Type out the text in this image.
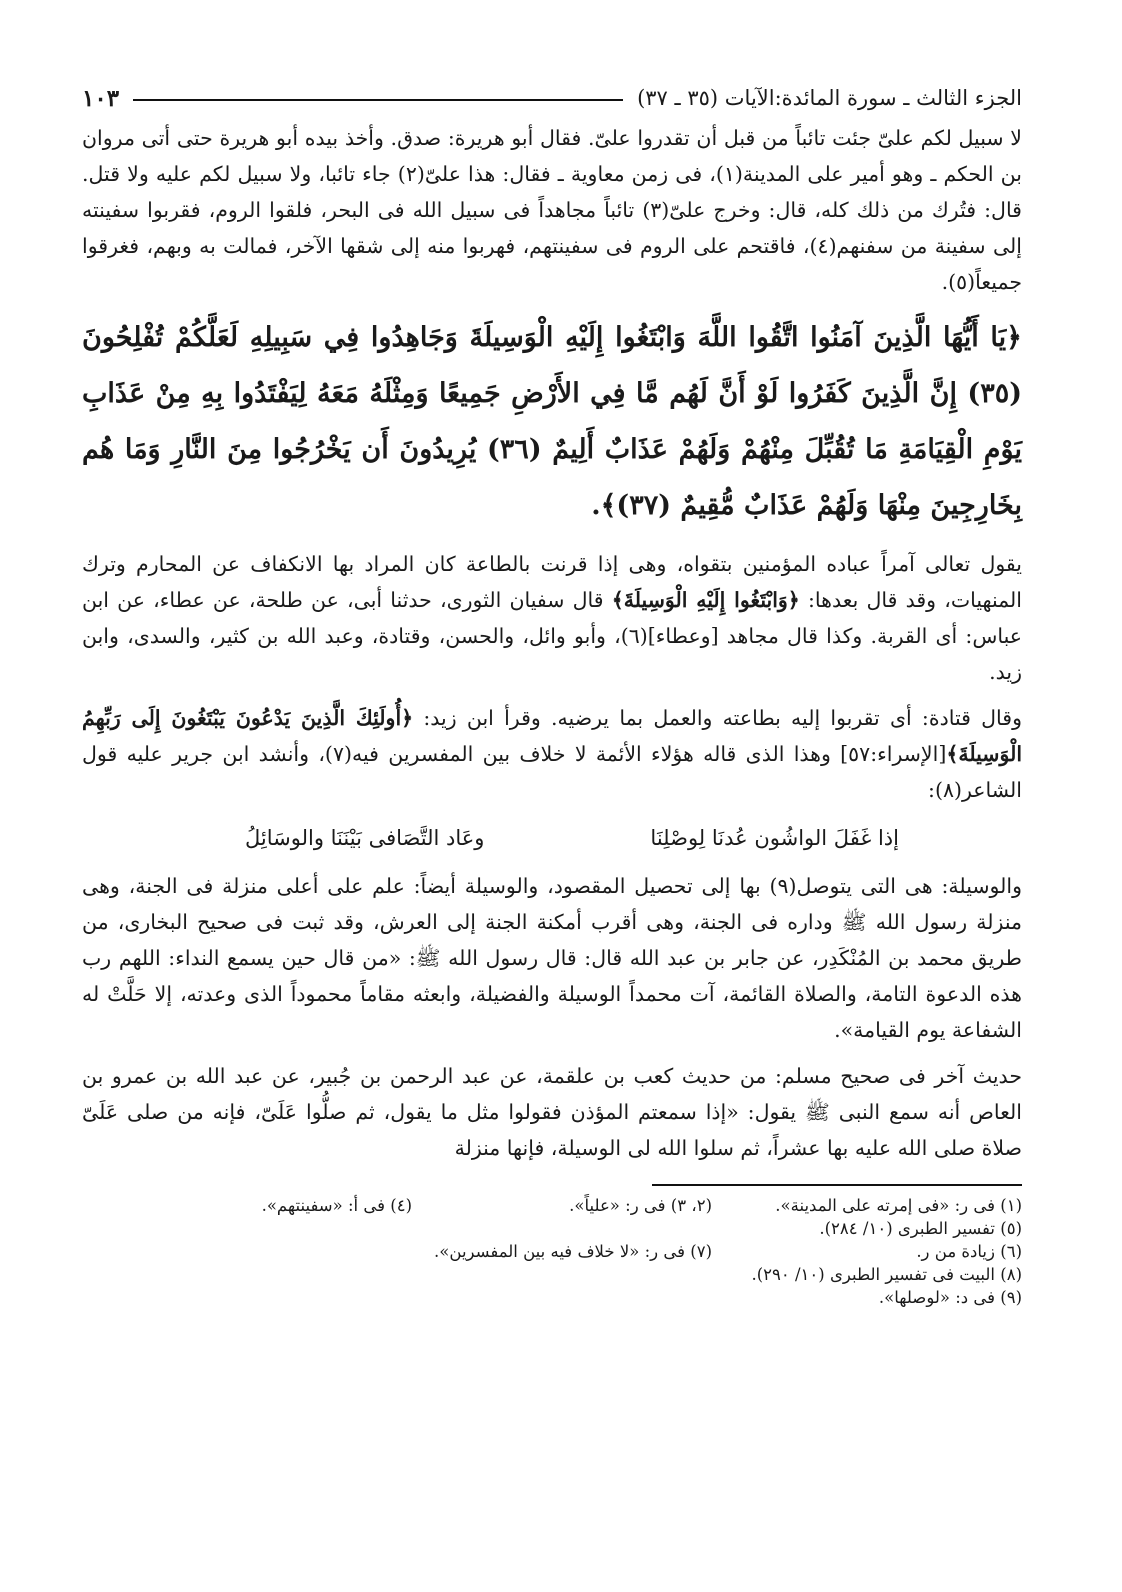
الجزء الثالث ـ سورة المائدة:الآيات (٣٥ ـ ٣٧)
١٠٣

لا سبيل لكم علىّ جئت تائباً من قبل أن تقدروا علىّ. فقال أبو هريرة: صدق. وأخذ بيده أبو هريرة حتى أتى مروان بن الحكم ـ وهو أمير على المدينة(١)، فى زمن معاوية ـ فقال: هذا علىّ(٢) جاء تائبا، ولا سبيل لكم عليه ولا قتل. قال: فتُرك من ذلك كله، قال: وخرج علىّ(٣) تائباً مجاهداً فى سبيل الله فى البحر، فلقوا الروم، فقربوا سفينته إلى سفينة من سفنهم(٤)، فاقتحم على الروم فى سفينتهم، فهربوا منه إلى شقها الآخر، فمالت به وبهم، فغرقوا جميعاً(٥).

﴿يَا أَيُّهَا الَّذِينَ آمَنُوا اتَّقُوا اللَّهَ وَابْتَغُوا إِلَيْهِ الْوَسِيلَةَ وَجَاهِدُوا فِي سَبِيلِهِ لَعَلَّكُمْ تُفْلِحُونَ (٣٥) إِنَّ الَّذِينَ كَفَرُوا لَوْ أَنَّ لَهُم مَّا فِي الأَرْضِ جَمِيعًا وَمِثْلَهُ مَعَهُ لِيَفْتَدُوا بِهِ مِنْ عَذَابِ يَوْمِ الْقِيَامَةِ مَا تُقُبِّلَ مِنْهُمْ وَلَهُمْ عَذَابٌ أَلِيمٌ (٣٦) يُرِيدُونَ أَن يَخْرُجُوا مِنَ النَّارِ وَمَا هُم بِخَارِجِينَ مِنْهَا وَلَهُمْ عَذَابٌ مُّقِيمٌ (٣٧)﴾.

يقول تعالى آمراً عباده المؤمنين بتقواه، وهى إذا قرنت بالطاعة كان المراد بها الانكفاف عن المحارم وترك المنهيات، وقد قال بعدها: ﴿وَابْتَغُوا إِلَيْهِ الْوَسِيلَةَ﴾ قال سفيان الثورى، حدثنا أبى، عن طلحة، عن عطاء، عن ابن عباس: أى القربة. وكذا قال مجاهد [وعطاء](٦)، وأبو وائل، والحسن، وقتادة، وعبد الله بن كثير، والسدى، وابن زيد.

وقال قتادة: أى تقربوا إليه بطاعته والعمل بما يرضيه. وقرأ ابن زيد: ﴿أُولَئِكَ الَّذِينَ يَدْعُونَ يَبْتَغُونَ إِلَى رَبِّهِمُ الْوَسِيلَةَ﴾[الإسراء:٥٧] وهذا الذى قاله هؤلاء الأئمة لا خلاف بين المفسرين فيه(٧)، وأنشد ابن جرير عليه قول الشاعر(٨):

إذا غَفَلَ الواشُون عُدنَا لِوصْلِنَا
وعَاد التَّصَافى بَيْنَنَا والوسَائِلُ

والوسيلة: هى التى يتوصل(٩) بها إلى تحصيل المقصود، والوسيلة أيضاً: علم على أعلى منزلة فى الجنة، وهى منزلة رسول الله ﷺ وداره فى الجنة، وهى أقرب أمكنة الجنة إلى العرش، وقد ثبت فى صحيح البخارى، من طريق محمد بن المُنْكَدِر، عن جابر بن عبد الله قال: قال رسول الله ﷺ: «من قال حين يسمع النداء: اللهم رب هذه الدعوة التامة، والصلاة القائمة، آت محمداً الوسيلة والفضيلة، وابعثه مقاماً محموداً الذى وعدته، إلا حَلَّتْ له الشفاعة يوم القيامة».

حديث آخر فى صحيح مسلم: من حديث كعب بن علقمة، عن عبد الرحمن بن جُبير، عن عبد الله بن عمرو بن العاص أنه سمع النبى ﷺ يقول: «إذا سمعتم المؤذن فقولوا مثل ما يقول، ثم صلُّوا عَلَىّ، فإنه من صلى عَلَىّ صلاة صلى الله عليه بها عشراً، ثم سلوا الله لى الوسيلة، فإنها منزلة

(١) فى ر: «فى إمرته على المدينة».
(٢، ٣) فى ر: «علياً».
(٤) فى أ: «سفينتهم».
(٥) تفسير الطبرى (١٠/ ٢٨٤).
(٦) زيادة من ر.
(٧) فى ر: «لا خلاف فيه بين المفسرين».
(٨) البيت فى تفسير الطبرى (١٠/ ٢٩٠).
(٩) فى د: «لوصلها».
